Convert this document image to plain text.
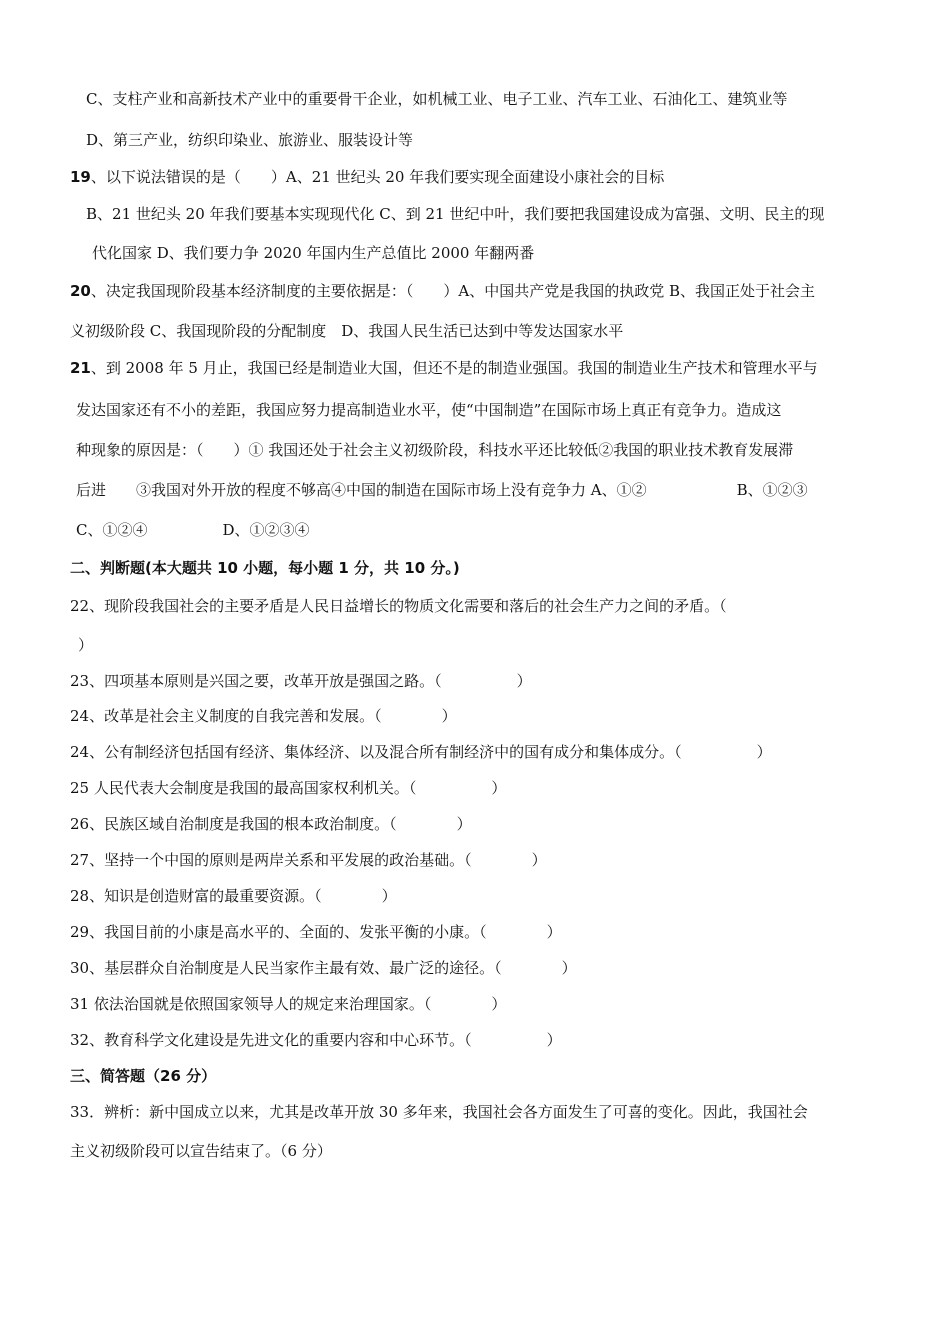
C、支柱产业和高新技术产业中的重要骨干企业，如机械工业、电子工业、汽车工业、石油化工、建筑业等
D、第三产业，纺织印染业、旅游业、服装设计等
19、以下说法错误的是（　　）A、21 世纪头 20 年我们要实现全面建设小康社会的目标
B、21 世纪头 20 年我们要基本实现现代化 C、到 21 世纪中叶，我们要把我国建设成为富强、文明、民主的现
代化国家 D、我们要力争 2020 年国内生产总值比 2000 年翻两番
20、决定我国现阶段基本经济制度的主要依据是：（　　）A、中国共产党是我国的执政党 B、我国正处于社会主
义初级阶段 C、我国现阶段的分配制度　D、我国人民生活已达到中等发达国家水平
21、到 2008 年 5 月止，我国已经是制造业大国，但还不是的制造业强国。我国的制造业生产技术和管理水平与
发达国家还有不小的差距，我国应努力提高制造业水平，使“中国制造”在国际市场上真正有竞争力。造成这
种现象的原因是：（　　）① 我国还处于社会主义初级阶段，科技水平还比较低②我国的职业技术教育发展滞
后进　　③我国对外开放的程度不够高④中国的制造在国际市场上没有竞争力 A、①②　　　　　　B、①②③
C、①②④　　　　　D、①②③④
二、判断题(本大题共 10 小题，每小题 1 分，共 10 分。)
22、现阶段我国社会的主要矛盾是人民日益增长的物质文化需要和落后的社会生产力之间的矛盾。（
）
23、四项基本原则是兴国之要，改革开放是强国之路。（　　　　　）
24、改革是社会主义制度的自我完善和发展。（　　　　）
24、公有制经济包括国有经济、集体经济、以及混合所有制经济中的国有成分和集体成分。（　　　　　）
25 人民代表大会制度是我国的最高国家权利机关。（　　　　　）
26、民族区域自治制度是我国的根本政治制度。（　　　　）
27、坚持一个中国的原则是两岸关系和平发展的政治基础。（　　　　）
28、知识是创造财富的最重要资源。（　　　　）
29、我国目前的小康是高水平的、全面的、发张平衡的小康。（　　　　）
30、基层群众自治制度是人民当家作主最有效、最广泛的途径。（　　　　）
31 依法治国就是依照国家领导人的规定来治理国家。（　　　　）
32、教育科学文化建设是先进文化的重要内容和中心环节。（　　　　　）
三、简答题（26 分）
33．辨析：新中国成立以来，尤其是改革开放 30 多年来，我国社会各方面发生了可喜的变化。因此，我国社会
主义初级阶段可以宣告结束了。（6 分）
